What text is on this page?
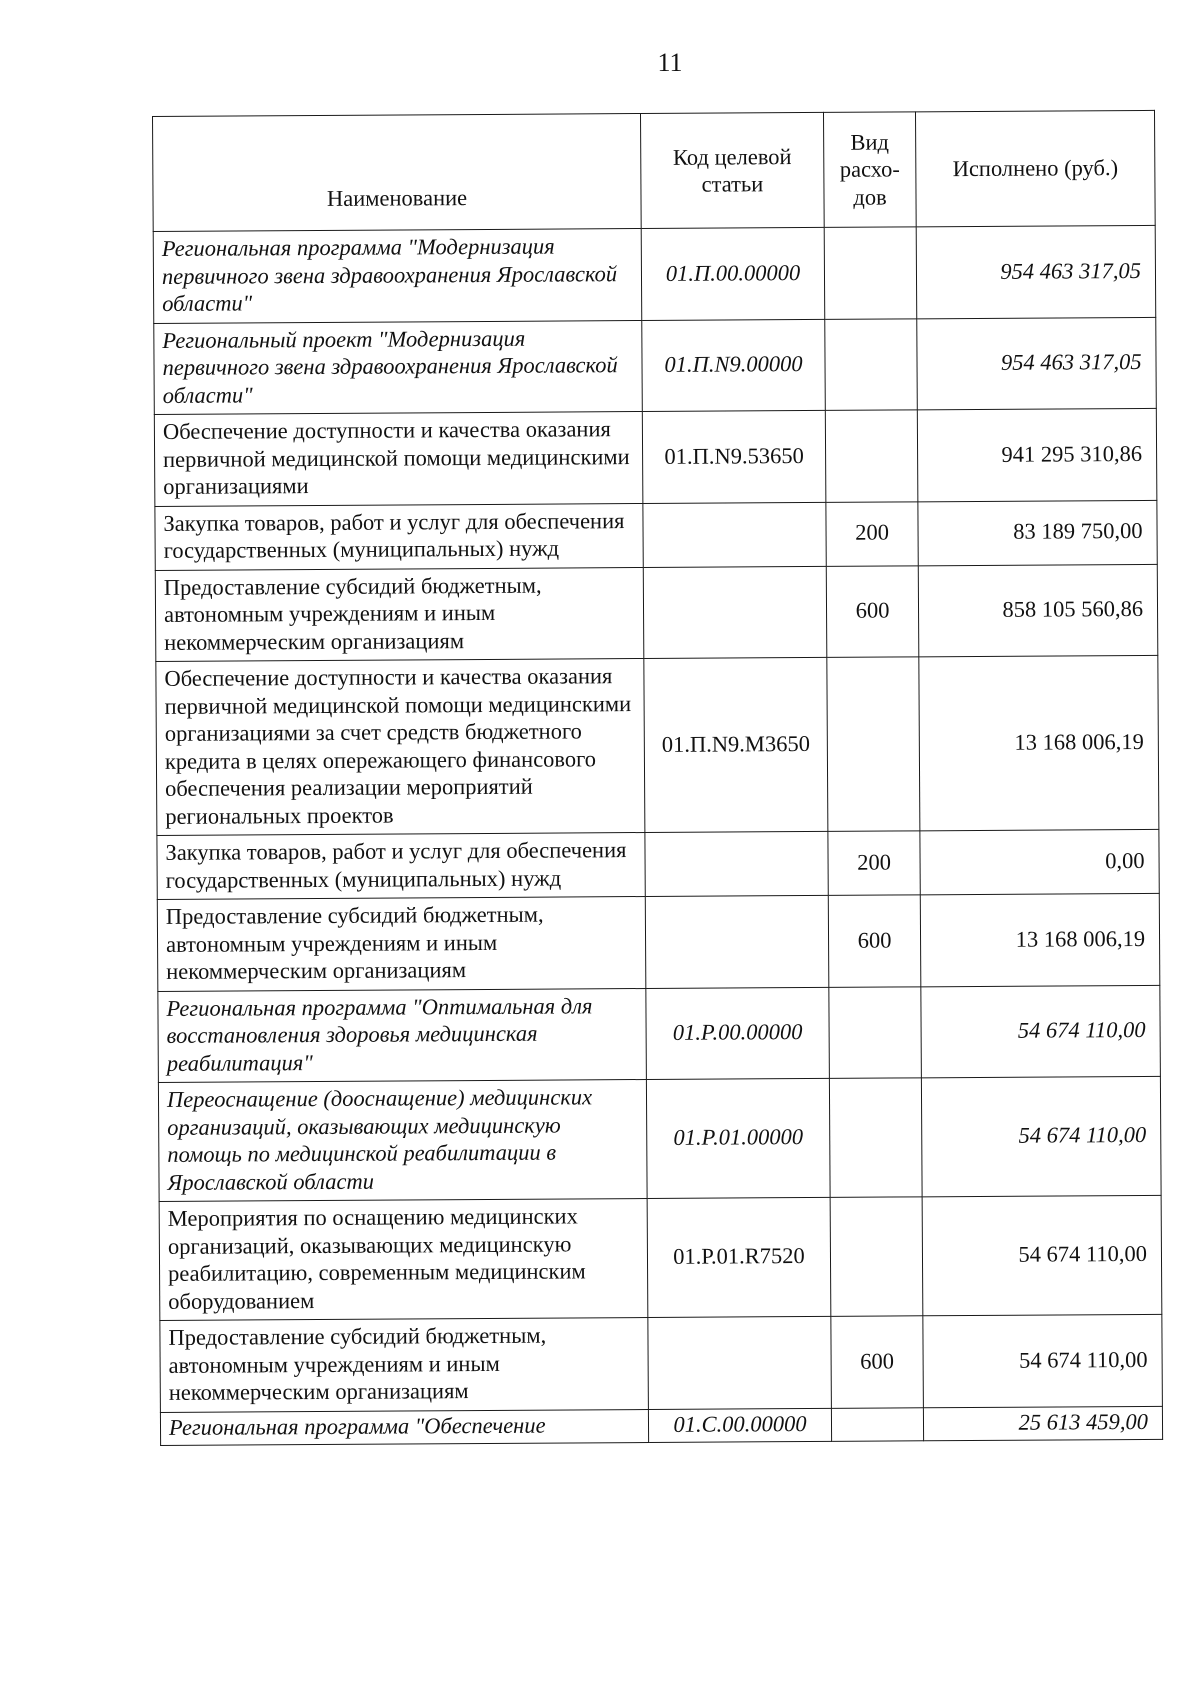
11
Наименование	Код целевой статьи	Вид расхо-дов	Исполнено (руб.)
Региональная программа "Модернизация первичного звена здравоохранения Ярославской области"	01.П.00.00000		954 463 317,05
Региональный проект "Модернизация первичного звена здравоохранения Ярославской области"	01.П.N9.00000		954 463 317,05
Обеспечение доступности и качества оказания первичной медицинской помощи медицинскими организациями	01.П.N9.53650		941 295 310,86
Закупка товаров, работ и услуг для обеспечения государственных (муниципальных) нужд		200	83 189 750,00
Предоставление субсидий бюджетным, автономным учреждениям и иным некоммерческим организациям		600	858 105 560,86
Обеспечение доступности и качества оказания первичной медицинской помощи медицинскими организациями за счет средств бюджетного кредита в целях опережающего финансового обеспечения реализации мероприятий региональных проектов	01.П.N9.М3650		13 168 006,19
Закупка товаров, работ и услуг для обеспечения государственных (муниципальных) нужд		200	0,00
Предоставление субсидий бюджетным, автономным учреждениям и иным некоммерческим организациям		600	13 168 006,19
Региональная программа "Оптимальная для восстановления здоровья медицинская реабилитация"	01.Р.00.00000		54 674 110,00
Переоснащение (дооснащение) медицинских организаций, оказывающих медицинскую помощь по медицинской реабилитации в Ярославской области	01.Р.01.00000		54 674 110,00
Мероприятия по оснащению медицинских организаций, оказывающих медицинскую реабилитацию, современным медицинским оборудованием	01.Р.01.R7520		54 674 110,00
Предоставление субсидий бюджетным, автономным учреждениям и иным некоммерческим организациям		600	54 674 110,00
Региональная программа "Обеспечение	01.С.00.00000		25 613 459,00
